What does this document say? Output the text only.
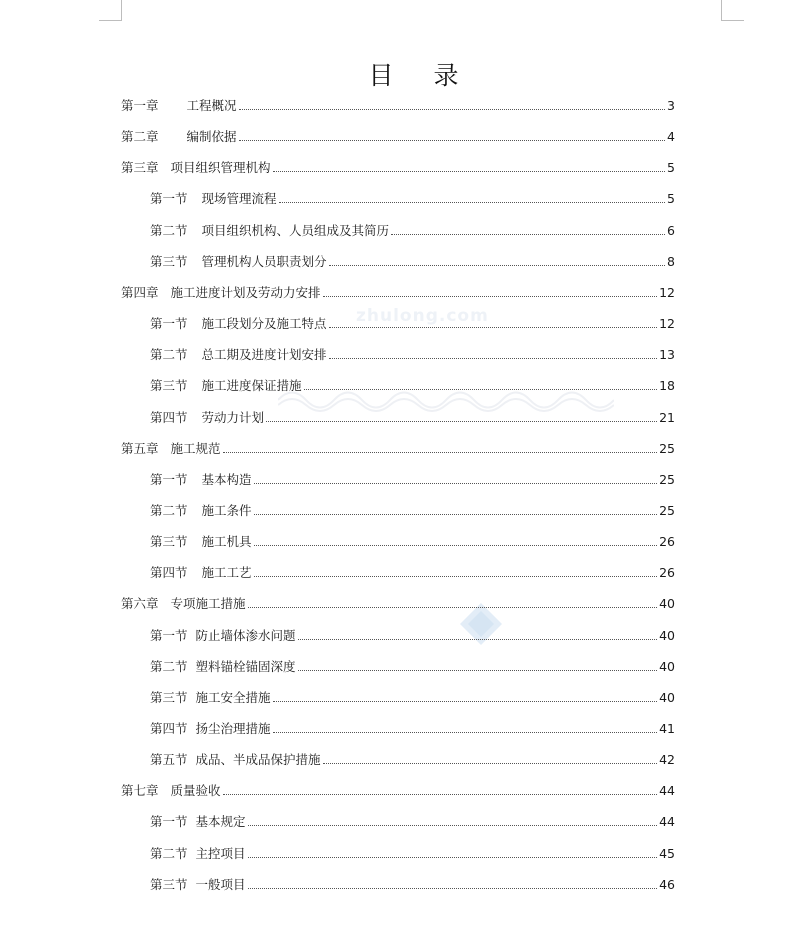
zhulong.com
目 录
第一章 工程概况	3
第二章 编制依据	4
第三章 项目组织管理机构	5
第一节 现场管理流程	5
第二节 项目组织机构、人员组成及其简历	6
第三节 管理机构人员职责划分	8
第四章 施工进度计划及劳动力安排	12
第一节 施工段划分及施工特点	12
第二节 总工期及进度计划安排	13
第三节 施工进度保证措施	18
第四节 劳动力计划	21
第五章 施工规范	25
第一节 基本构造	25
第二节 施工条件	25
第三节 施工机具	26
第四节 施工工艺	26
第六章 专项施工措施	40
第一节 防止墙体渗水问题	40
第二节 塑料锚栓锚固深度	40
第三节 施工安全措施	40
第四节 扬尘治理措施	41
第五节 成品、半成品保护措施	42
第七章 质量验收	44
第一节 基本规定	44
第二节 主控项目	45
第三节 一般项目	46
